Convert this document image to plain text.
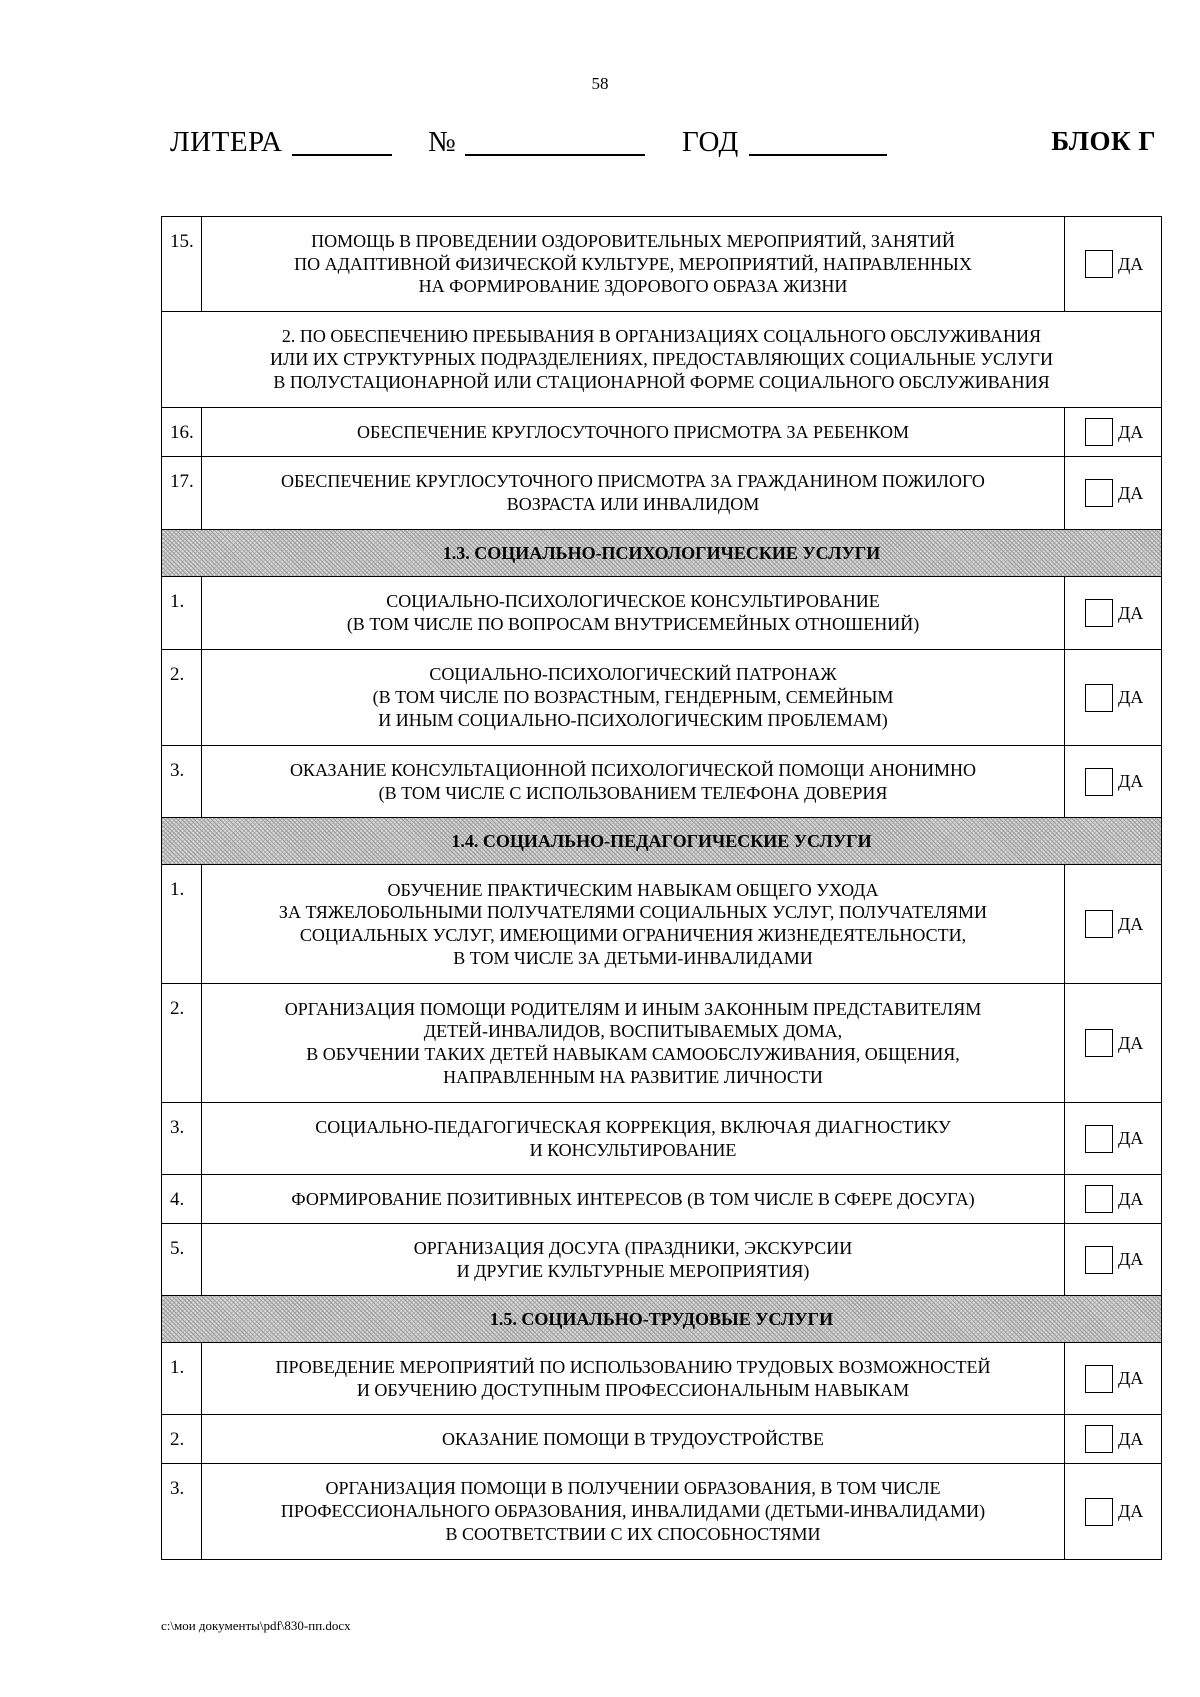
58
ЛИТЕРА	№	ГОД	БЛОК Г
15.	ПОМОЩЬ В ПРОВЕДЕНИИ ОЗДОРОВИТЕЛЬНЫХ МЕРОПРИЯТИЙ, ЗАНЯТИЙ
ПО АДАПТИВНОЙ ФИЗИЧЕСКОЙ КУЛЬТУРЕ, МЕРОПРИЯТИЙ, НАПРАВЛЕННЫХ
НА ФОРМИРОВАНИЕ ЗДОРОВОГО ОБРАЗА ЖИЗНИ	ДА

2. ПО ОБЕСПЕЧЕНИЮ ПРЕБЫВАНИЯ В ОРГАНИЗАЦИЯХ СОЦАЛЬНОГО ОБСЛУЖИВАНИЯ
ИЛИ ИХ СТРУКТУРНЫХ ПОДРАЗДЕЛЕНИЯХ, ПРЕДОСТАВЛЯЮЩИХ СОЦИАЛЬНЫЕ УСЛУГИ
В ПОЛУСТАЦИОНАРНОЙ ИЛИ СТАЦИОНАРНОЙ ФОРМЕ СОЦИАЛЬНОГО ОБСЛУЖИВАНИЯ		

16.	ОБЕСПЕЧЕНИЕ КРУГЛОСУТОЧНОГО ПРИСМОТРА ЗА РЕБЕНКОМ	ДА

17.	ОБЕСПЕЧЕНИЕ КРУГЛОСУТОЧНОГО ПРИСМОТРА ЗА ГРАЖДАНИНОМ ПОЖИЛОГО
ВОЗРАСТА ИЛИ ИНВАЛИДОМ	ДА

1.3. СОЦИАЛЬНО-ПСИХОЛОГИЧЕСКИЕ УСЛУГИ		
1.	СОЦИАЛЬНО-ПСИХОЛОГИЧЕСКОЕ КОНСУЛЬТИРОВАНИЕ
(В ТОМ ЧИСЛЕ ПО ВОПРОСАМ ВНУТРИСЕМЕЙНЫХ ОТНОШЕНИЙ)	ДА

2.	СОЦИАЛЬНО-ПСИХОЛОГИЧЕСКИЙ ПАТРОНАЖ
(В ТОМ ЧИСЛЕ ПО ВОЗРАСТНЫМ, ГЕНДЕРНЫМ, СЕМЕЙНЫМ
И ИНЫМ СОЦИАЛЬНО-ПСИХОЛОГИЧЕСКИМ ПРОБЛЕМАМ)	ДА

3.	ОКАЗАНИЕ КОНСУЛЬТАЦИОННОЙ ПСИХОЛОГИЧЕСКОЙ ПОМОЩИ АНОНИМНО
(В ТОМ ЧИСЛЕ С ИСПОЛЬЗОВАНИЕМ ТЕЛЕФОНА ДОВЕРИЯ	ДА

1.4. СОЦИАЛЬНО-ПЕДАГОГИЧЕСКИЕ УСЛУГИ		
1.	ОБУЧЕНИЕ ПРАКТИЧЕСКИМ НАВЫКАМ ОБЩЕГО УХОДА
ЗА ТЯЖЕЛОБОЛЬНЫМИ ПОЛУЧАТЕЛЯМИ СОЦИАЛЬНЫХ УСЛУГ, ПОЛУЧАТЕЛЯМИ
СОЦИАЛЬНЫХ УСЛУГ, ИМЕЮЩИМИ ОГРАНИЧЕНИЯ ЖИЗНЕДЕЯТЕЛЬНОСТИ,
В ТОМ ЧИСЛЕ ЗА ДЕТЬМИ-ИНВАЛИДАМИ	ДА

2.	ОРГАНИЗАЦИЯ ПОМОЩИ РОДИТЕЛЯМ И ИНЫМ ЗАКОННЫМ ПРЕДСТАВИТЕЛЯМ
ДЕТЕЙ-ИНВАЛИДОВ, ВОСПИТЫВАЕМЫХ ДОМА,
В ОБУЧЕНИИ ТАКИХ ДЕТЕЙ НАВЫКАМ САМООБСЛУЖИВАНИЯ, ОБЩЕНИЯ,
НАПРАВЛЕННЫМ НА РАЗВИТИЕ ЛИЧНОСТИ	ДА

3.	СОЦИАЛЬНО-ПЕДАГОГИЧЕСКАЯ КОРРЕКЦИЯ, ВКЛЮЧАЯ ДИАГНОСТИКУ
И КОНСУЛЬТИРОВАНИЕ	ДА

4.	ФОРМИРОВАНИЕ ПОЗИТИВНЫХ ИНТЕРЕСОВ (В ТОМ ЧИСЛЕ В СФЕРЕ ДОСУГА)	ДА

5.	ОРГАНИЗАЦИЯ ДОСУГА (ПРАЗДНИКИ, ЭКСКУРСИИ
И ДРУГИЕ КУЛЬТУРНЫЕ МЕРОПРИЯТИЯ)	ДА

1.5. СОЦИАЛЬНО-ТРУДОВЫЕ УСЛУГИ		
1.	ПРОВЕДЕНИЕ МЕРОПРИЯТИЙ ПО ИСПОЛЬЗОВАНИЮ ТРУДОВЫХ ВОЗМОЖНОСТЕЙ
И ОБУЧЕНИЮ ДОСТУПНЫМ ПРОФЕССИОНАЛЬНЫМ НАВЫКАМ	ДА

2.	ОКАЗАНИЕ ПОМОЩИ В ТРУДОУСТРОЙСТВЕ	ДА

3.	ОРГАНИЗАЦИЯ ПОМОЩИ В ПОЛУЧЕНИИ ОБРАЗОВАНИЯ, В ТОМ ЧИСЛЕ
ПРОФЕССИОНАЛЬНОГО ОБРАЗОВАНИЯ, ИНВАЛИДАМИ (ДЕТЬМИ-ИНВАЛИДАМИ)
В СООТВЕТСТВИИ С ИХ СПОСОБНОСТЯМИ	ДА
c:\мои документы\pdf\830-пп.docx
